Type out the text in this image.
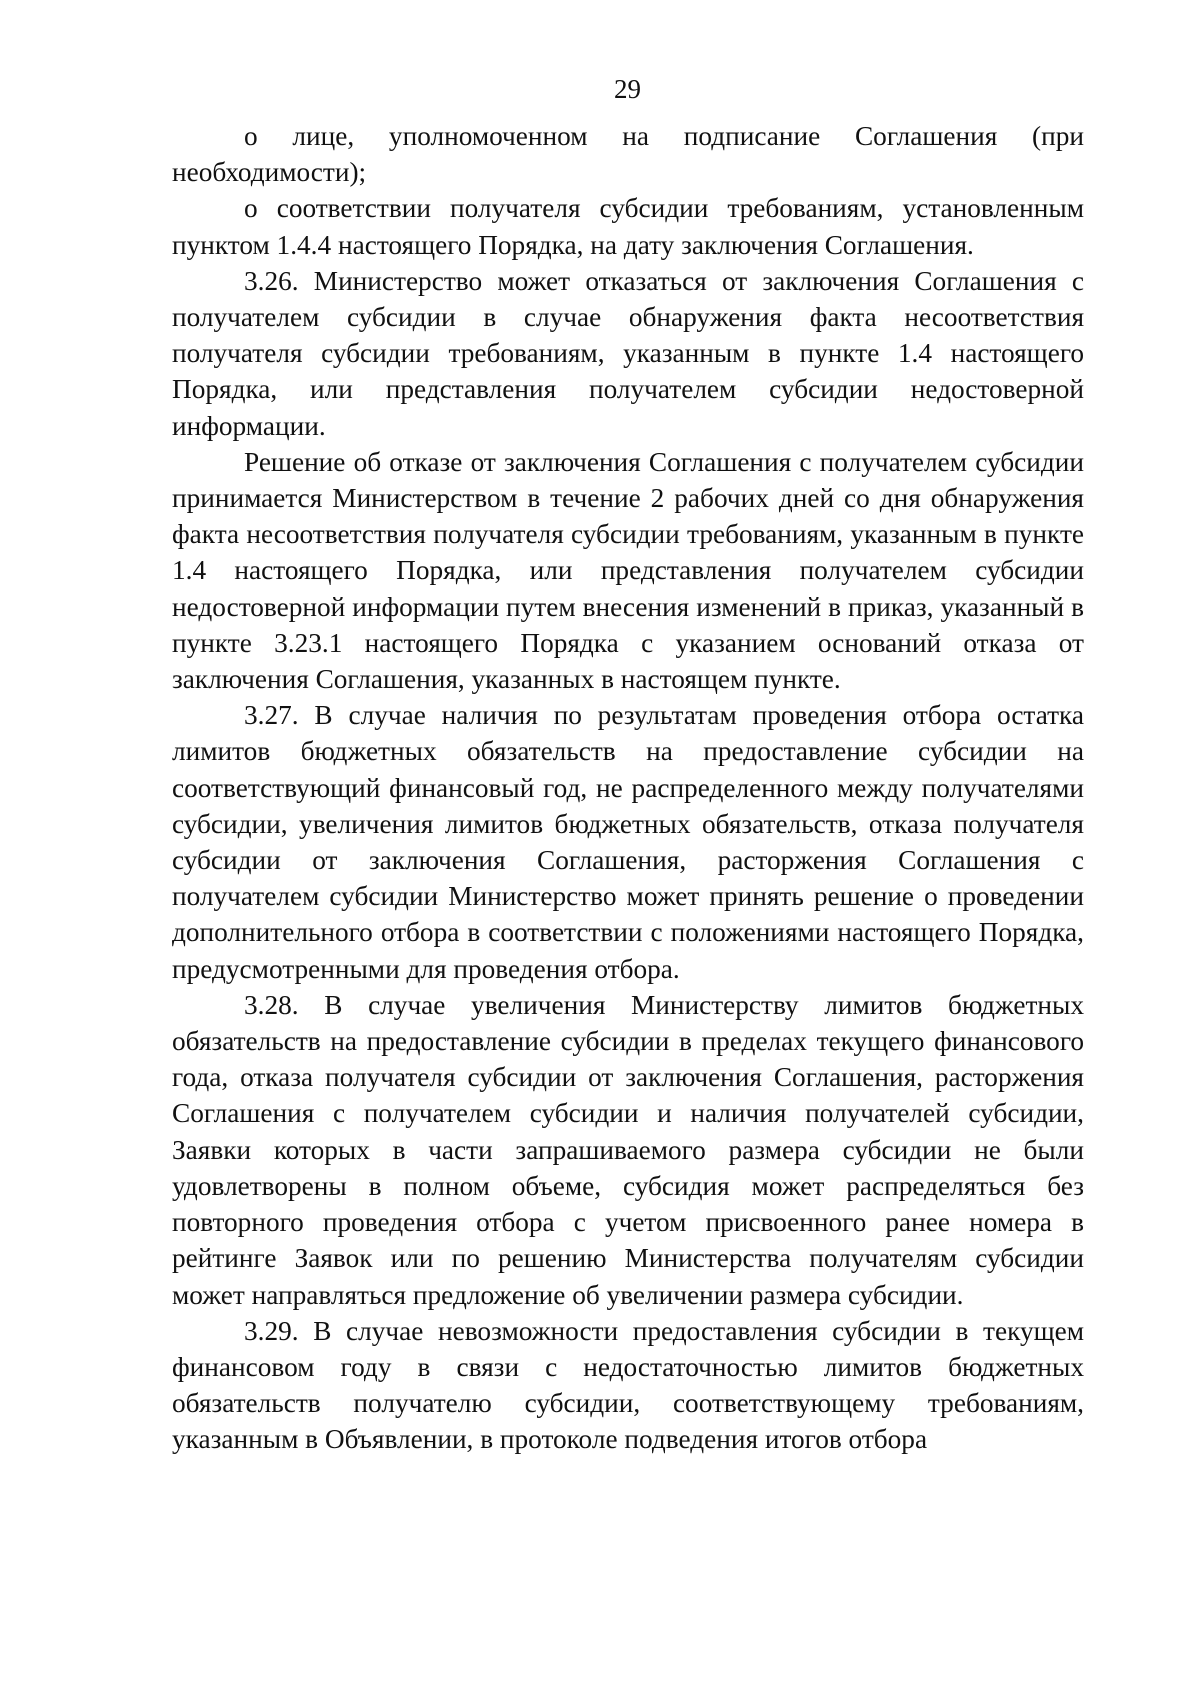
29

о лице, уполномоченном на подписание Соглашения (при необходимости);

о соответствии получателя субсидии требованиям, установленным пунктом 1.4.4 настоящего Порядка, на дату заключения Соглашения.

3.26. Министерство может отказаться от заключения Соглашения с получателем субсидии в случае обнаружения факта несоответствия получателя субсидии требованиям, указанным в пункте 1.4 настоящего Порядка, или представления получателем субсидии недостоверной информации.

Решение об отказе от заключения Соглашения с получателем субсидии принимается Министерством в течение 2 рабочих дней со дня обнаружения факта несоответствия получателя субсидии требованиям, указанным в пункте 1.4 настоящего Порядка, или представления получателем субсидии недостоверной информации путем внесения изменений в приказ, указанный в пункте 3.23.1 настоящего Порядка с указанием оснований отказа от заключения Соглашения, указанных в настоящем пункте.

3.27. В случае наличия по результатам проведения отбора остатка лимитов бюджетных обязательств на предоставление субсидии на соответствующий финансовый год, не распределенного между получателями субсидии, увеличения лимитов бюджетных обязательств, отказа получателя субсидии от заключения Соглашения, расторжения Соглашения с получателем субсидии Министерство может принять решение о проведении дополнительного отбора в соответствии с положениями настоящего Порядка, предусмотренными для проведения отбора.

3.28. В случае увеличения Министерству лимитов бюджетных обязательств на предоставление субсидии в пределах текущего финансового года, отказа получателя субсидии от заключения Соглашения, расторжения Соглашения с получателем субсидии и наличия получателей субсидии, Заявки которых в части запрашиваемого размера субсидии не были удовлетворены в полном объеме, субсидия может распределяться без повторного проведения отбора с учетом присвоенного ранее номера в рейтинге Заявок или по решению Министерства получателям субсидии может направляться предложение об увеличении размера субсидии.

3.29. В случае невозможности предоставления субсидии в текущем финансовом году в связи с недостаточностью лимитов бюджетных обязательств получателю субсидии, соответствующему требованиям, указанным в Объявлении, в протоколе подведения итогов отбора
